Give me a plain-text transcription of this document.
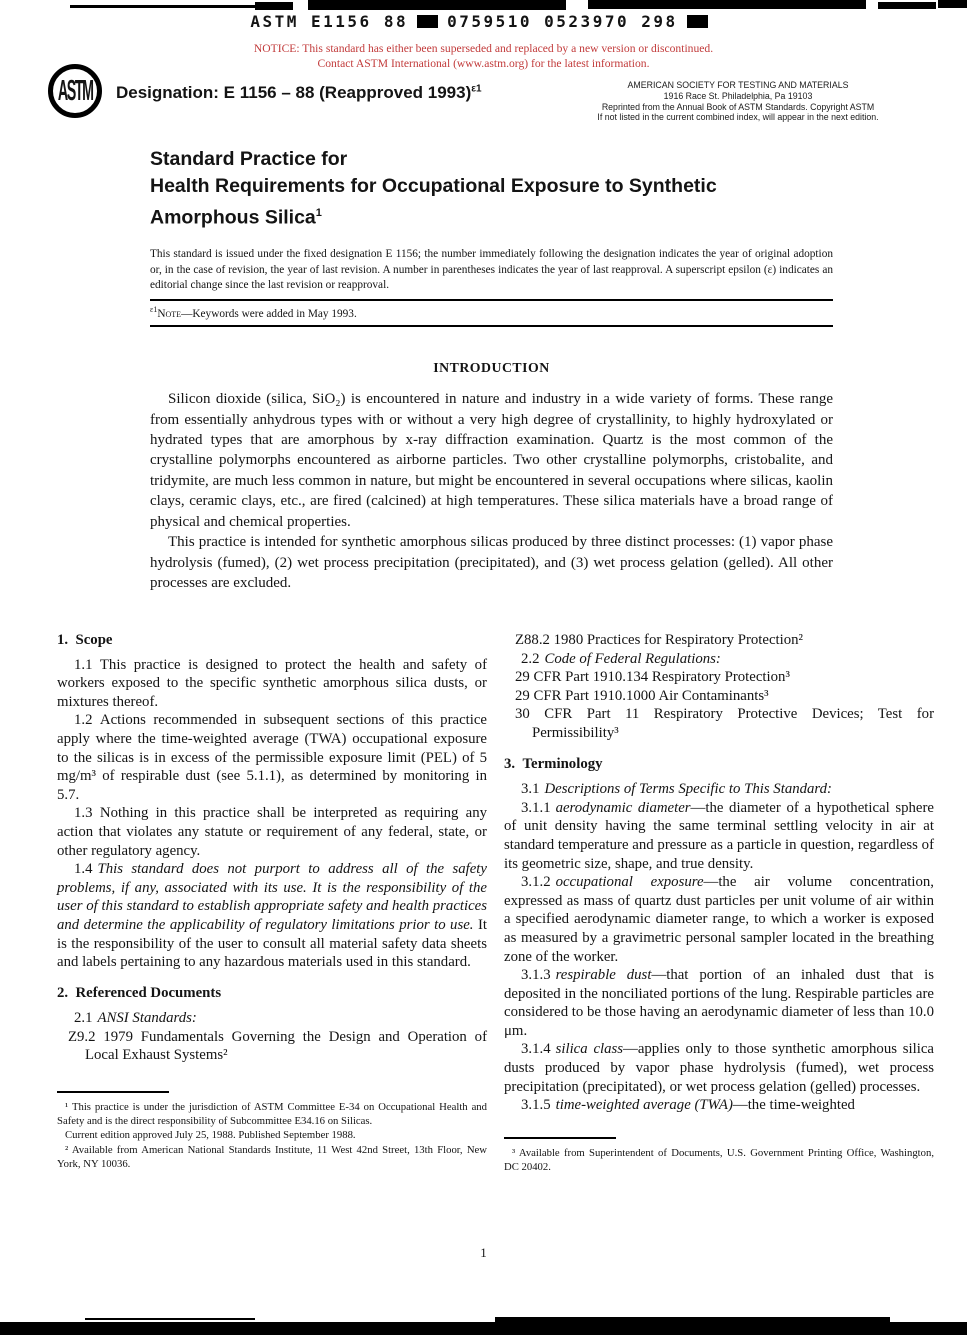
ASTM E1156 88 0759510 0523970 298
NOTICE: This standard has either been superseded and replaced by a new version or discontinued.
Contact ASTM International (www.astm.org) for the latest information.
ASTM Designation: E 1156 – 88 (Reapproved 1993)$^{\varepsilon 1}$	AMERICAN SOCIETY FOR TESTING AND MATERIALS
1916 Race St. Philadelphia, Pa 19103
Reprinted from the Annual Book of ASTM Standards. Copyright ASTM
If not listed in the current combined index, will appear in the next edition.
Standard Practice for
Health Requirements for Occupational Exposure to Synthetic
Amorphous Silica$^1$

This standard is issued under the fixed designation E 1156; the number immediately following the designation indicates the year of original adoption or, in the case of revision, the year of last revision. A number in parentheses indicates the year of last reapproval. A superscript epsilon (ε) indicates an editorial change since the last revision or reapproval.

$^{\varepsilon 1}$Note—Keywords were added in May 1993.
INTRODUCTION

Silicon dioxide (silica, SiO₂) is encountered in nature and industry in a wide variety of forms. These range from essentially anhydrous types with or without a very high degree of crystallinity, to highly hydroxylated or hydrated types that are amorphous by x-ray diffraction examination. Quartz is the most common of the crystalline polymorphs encountered as airborne particles. Two other crystalline polymorphs, cristobalite, and tridymite, are much less common in nature, but might be encountered in several occupations where silicas, kaolin clays, ceramic clays, etc., are fired (calcined) at high temperatures. These silica materials have a broad range of physical and chemical properties.

This practice is intended for synthetic amorphous silicas produced by three distinct processes: (1) vapor phase hydrolysis (fumed), (2) wet process precipitation (precipitated), and (3) wet process gelation (gelled). All other processes are excluded.

1. Scope

1.1 This practice is designed to protect the health and safety of workers exposed to the specific synthetic amorphous silica dusts, or mixtures thereof.

1.2 Actions recommended in subsequent sections of this practice apply where the time-weighted average (TWA) occupational exposure to the silicas is in excess of the permissible exposure limit (PEL) of 5 mg/m³ of respirable dust (see 5.1.1), as determined by monitoring in 5.7.

1.3 Nothing in this practice shall be interpreted as requiring any action that violates any statute or requirement of any federal, state, or other regulatory agency.

1.4 This standard does not purport to address all of the safety problems, if any, associated with its use. It is the responsibility of the user of this standard to establish appropriate safety and health practices and determine the applicability of regulatory limitations prior to use. It is the responsibility of the user to consult all material safety data sheets and labels pertaining to any hazardous materials used in this standard.

2. Referenced Documents

2.1 ANSI Standards:

Z9.2 1979 Fundamentals Governing the Design and Operation of Local Exhaust Systems²

¹ This practice is under the jurisdiction of ASTM Committee E-34 on Occupational Health and Safety and is the direct responsibility of Subcommittee E34.16 on Silicas.

Current edition approved July 25, 1988. Published September 1988.

² Available from American National Standards Institute, 11 West 42nd Street, 13th Floor, New York, NY 10036.

Z88.2 1980 Practices for Respiratory Protection²

2.2 Code of Federal Regulations:

29 CFR Part 1910.134 Respiratory Protection³

29 CFR Part 1910.1000 Air Contaminants³

30 CFR Part 11 Respiratory Protective Devices; Test for Permissibility³

3. Terminology

3.1 Descriptions of Terms Specific to This Standard:

3.1.1 aerodynamic diameter—the diameter of a hypothetical sphere of unit density having the same terminal settling velocity in air at standard temperature and pressure as a particle in question, regardless of its geometric size, shape, and true density.

3.1.2 occupational exposure—the air volume concentration, expressed as mass of quartz dust particles per unit volume of air within a specified aerodynamic diameter range, to which a worker is exposed as measured by a gravimetric personal sampler located in the breathing zone of the worker.

3.1.3 respirable dust—that portion of an inhaled dust that is deposited in the nonciliated portions of the lung. Respirable particles are considered to be those having an aerodynamic diameter of less than 10.0 μm.

3.1.4 silica class—applies only to those synthetic amorphous silica dusts produced by vapor phase hydrolysis (fumed), wet process precipitation (precipitated), or wet process gelation (gelled) processes.

3.1.5 time-weighted average (TWA)—the time-weighted

³ Available from Superintendent of Documents, U.S. Government Printing Office, Washington, DC 20402.

1
